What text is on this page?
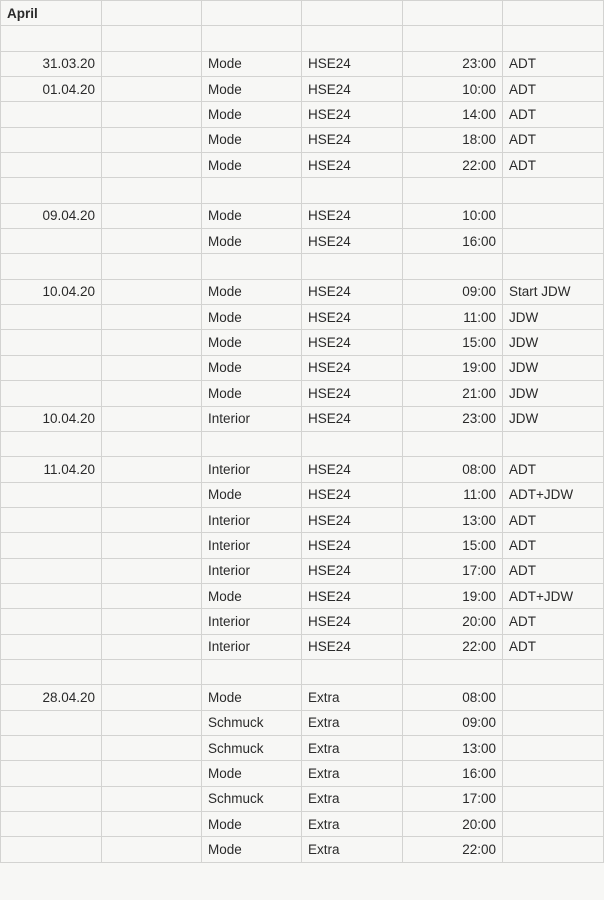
April					

31.03.20		Mode	HSE24	23:00	ADT
01.04.20		Mode	HSE24	10:00	ADT
		Mode	HSE24	14:00	ADT
		Mode	HSE24	18:00	ADT
		Mode	HSE24	22:00	ADT

09.04.20		Mode	HSE24	10:00	
		Mode	HSE24	16:00	

10.04.20		Mode	HSE24	09:00	Start JDW
		Mode	HSE24	11:00	JDW
		Mode	HSE24	15:00	JDW
		Mode	HSE24	19:00	JDW
		Mode	HSE24	21:00	JDW
10.04.20		Interior	HSE24	23:00	JDW

11.04.20		Interior	HSE24	08:00	ADT
		Mode	HSE24	11:00	ADT+JDW
		Interior	HSE24	13:00	ADT
		Interior	HSE24	15:00	ADT
		Interior	HSE24	17:00	ADT
		Mode	HSE24	19:00	ADT+JDW
		Interior	HSE24	20:00	ADT
		Interior	HSE24	22:00	ADT

28.04.20		Mode	Extra	08:00	
		Schmuck	Extra	09:00	
		Schmuck	Extra	13:00	
		Mode	Extra	16:00	
		Schmuck	Extra	17:00	
		Mode	Extra	20:00	
		Mode	Extra	22:00	
